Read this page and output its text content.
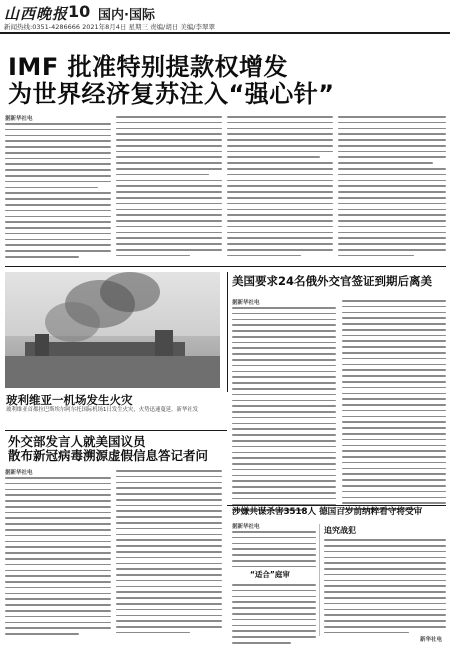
山西晚报 10 国内·国际
新闻热线:0351-4286666 2021年8月4日 星期三 责编/胡日 美编/李翠翠
IMF 批准特别提款权增发
为世界经济复苏注入“强心针”
据新华社电
玻利维亚一机场发生火灾
玻利维亚首都拉巴斯埃尔阿尔托国际机场1日发生火灾，火势迅速蔓延。新华社发
美国要求24名俄外交官签证到期后离美
据新华社电
外交部发言人就美国议员
散布新冠病毒溯源虚假信息答记者问
据新华社电
涉嫌共谋杀害3518人 德国百岁前纳粹看守将受审
据新华社电
“适合”庭审
追究战犯
新华社电
